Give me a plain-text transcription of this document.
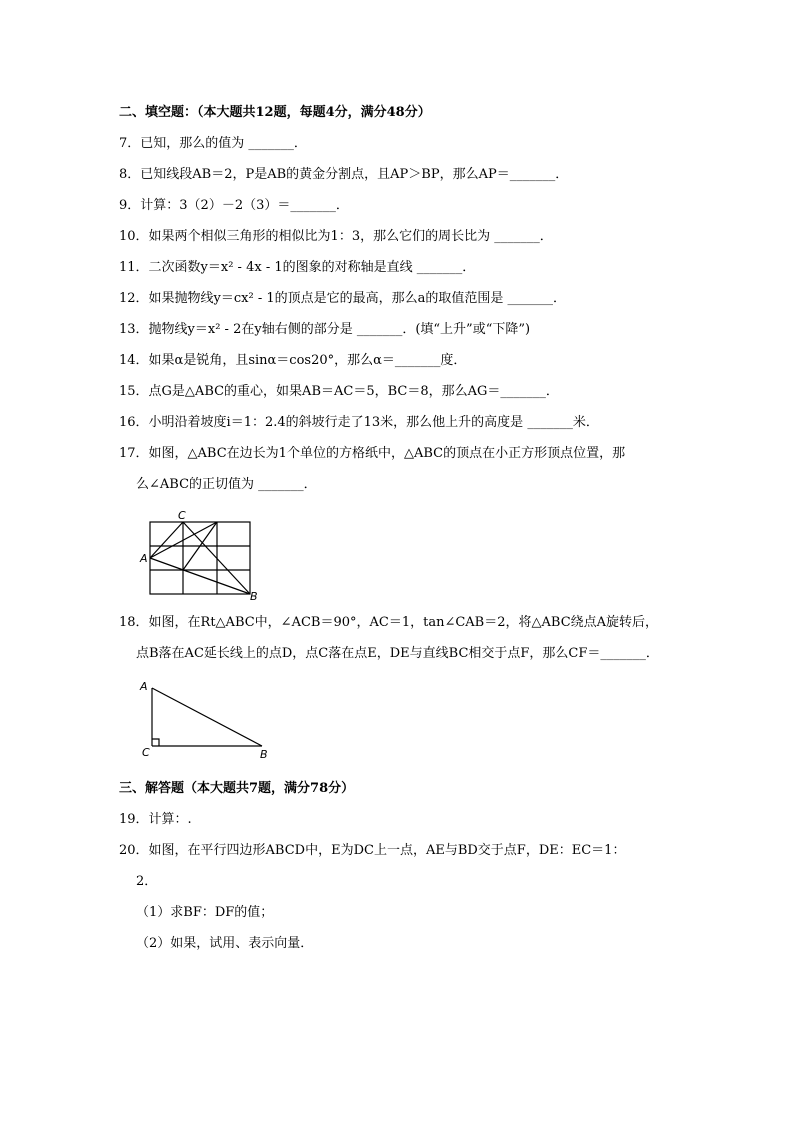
二、填空题：（本大题共12题，每题4分，满分48分）
7．已知，那么的值为 _______．
8．已知线段AB＝2，P是AB的黄金分割点，且AP＞BP，那么AP＝_______．
9．计算：3（2）－2（3）＝_______．
10．如果两个相似三角形的相似比为1：3，那么它们的周长比为 _______．
11．二次函数y＝x² - 4x - 1的图象的对称轴是直线 _______．
12．如果抛物线y＝cx² - 1的顶点是它的最高，那么a的取值范围是 _______．
13．抛物线y＝x² - 2在y轴右侧的部分是 _______．(填“上升”或“下降”)
14．如果α是锐角，且sinα＝cos20°，那么α＝_______度．
15．点G是△ABC的重心，如果AB＝AC＝5，BC＝8，那么AG＝_______．
16．小明沿着坡度i＝1：2.4的斜坡行走了13米，那么他上升的高度是 _______米．
17．如图，△ABC在边长为1个单位的方格纸中，△ABC的顶点在小正方形顶点位置，那
么∠ABC的正切值为 _______．
C
A
B
18．如图，在Rt△ABC中，∠ACB＝90°，AC＝1，tan∠CAB＝2，将△ABC绕点A旋转后，
点B落在AC延长线上的点D，点C落在点E，DE与直线BC相交于点F，那么CF＝_______．
A
C	B
三、解答题（本大题共7题，满分78分）
19．计算：.
20．如图，在平行四边形ABCD中，E为DC上一点，AE与BD交于点F，DE：EC＝1：
2．
（1）求BF：DF的值；
（2）如果，试用、表示向量．
